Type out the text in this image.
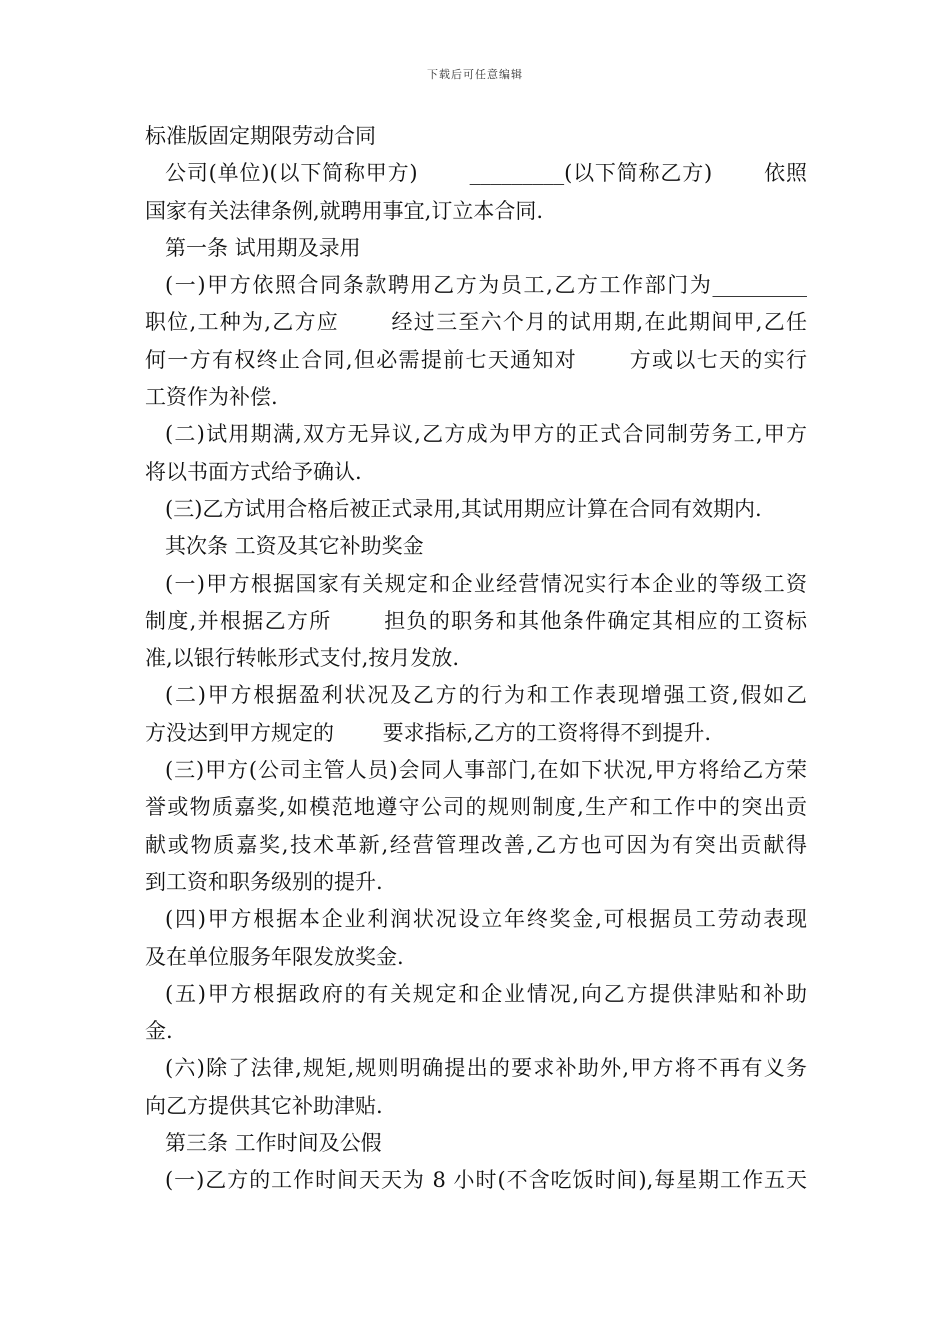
下载后可任意编辑
标准版固定期限劳动合同
公司(单位)(以下简称甲方)　　 _________(以下简称乙方)　　 依照
国家有关法律条例,就聘用事宜,订立本合同.
第一条 试用期及录用
(一)甲方依照合同条款聘用乙方为员工,乙方工作部门为_________
职位,工种为,乙方应　　 经过三至六个月的试用期,在此期间甲,乙任
何一方有权终止合同,但必需提前七天通知对　　 方或以七天的实行
工资作为补偿.
(二)试用期满,双方无异议,乙方成为甲方的正式合同制劳务工,甲方
将以书面方式给予确认.
(三)乙方试用合格后被正式录用,其试用期应计算在合同有效期内.
其次条 工资及其它补助奖金
(一)甲方根据国家有关规定和企业经营情况实行本企业的等级工资
制度,并根据乙方所　　 担负的职务和其他条件确定其相应的工资标
准,以银行转帐形式支付,按月发放.
(二)甲方根据盈利状况及乙方的行为和工作表现增强工资,假如乙
方没达到甲方规定的　　 要求指标,乙方的工资将得不到提升.
(三)甲方(公司主管人员)会同人事部门,在如下状况,甲方将给乙方荣
誉或物质嘉奖,如模范地遵守公司的规则制度,生产和工作中的突出贡
献或物质嘉奖,技术革新,经营管理改善,乙方也可因为有突出贡献得
到工资和职务级别的提升.
(四)甲方根据本企业利润状况设立年终奖金,可根据员工劳动表现
及在单位服务年限发放奖金.
(五)甲方根据政府的有关规定和企业情况,向乙方提供津贴和补助
金.
(六)除了法律,规矩,规则明确提出的要求补助外,甲方将不再有义务
向乙方提供其它补助津贴.
第三条 工作时间及公假
(一)乙方的工作时间天天为 8 小时(不含吃饭时间),每星期工作五天
